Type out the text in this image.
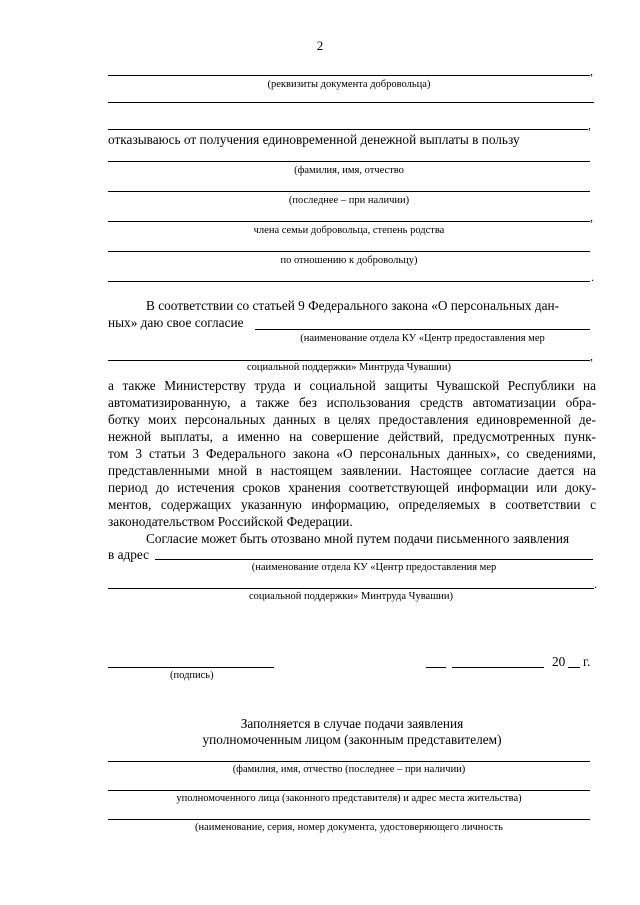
2
,
(реквизиты документа добровольца)
,
отказываюсь от получения единовременной денежной выплаты в пользу
(фамилия, имя, отчество
(последнее – при наличии)
,
члена семьи добровольца, степень родства
по отношению к добровольцу)
.
В соответствии со статьей 9 Федерального закона «О персональных дан-
ных» даю свое согласие
(наименование отдела КУ «Центр предоставления мер
,
социальной поддержки» Минтруда Чувашии)
а также Министерству труда и социальной защиты Чувашской Республики на
автоматизированную, а также без использования средств автоматизации обра-
ботку моих персональных данных в целях предоставления единовременной де-
нежной выплаты, а именно на совершение действий, предусмотренных пунк-
том 3 статьи 3 Федерального закона «О персональных данных», со сведениями,
представленными мной в настоящем заявлении. Настоящее согласие дается на
период до истечения сроков хранения соответствующей информации или доку-
ментов, содержащих указанную информацию, определяемых в соответствии с
законодательством Российской Федерации.
Согласие может быть отозвано мной путем подачи письменного заявления
в адрес
(наименование отдела КУ «Центр предоставления мер
.
социальной поддержки» Минтруда Чувашии)
(подпись)
20 г.
Заполняется в случае подачи заявления
уполномоченным лицом (законным представителем)
(фамилия, имя, отчество (последнее – при наличии)
уполномоченного лица (законного представителя) и адрес места жительства)
(наименование, серия, номер документа, удостоверяющего личность
